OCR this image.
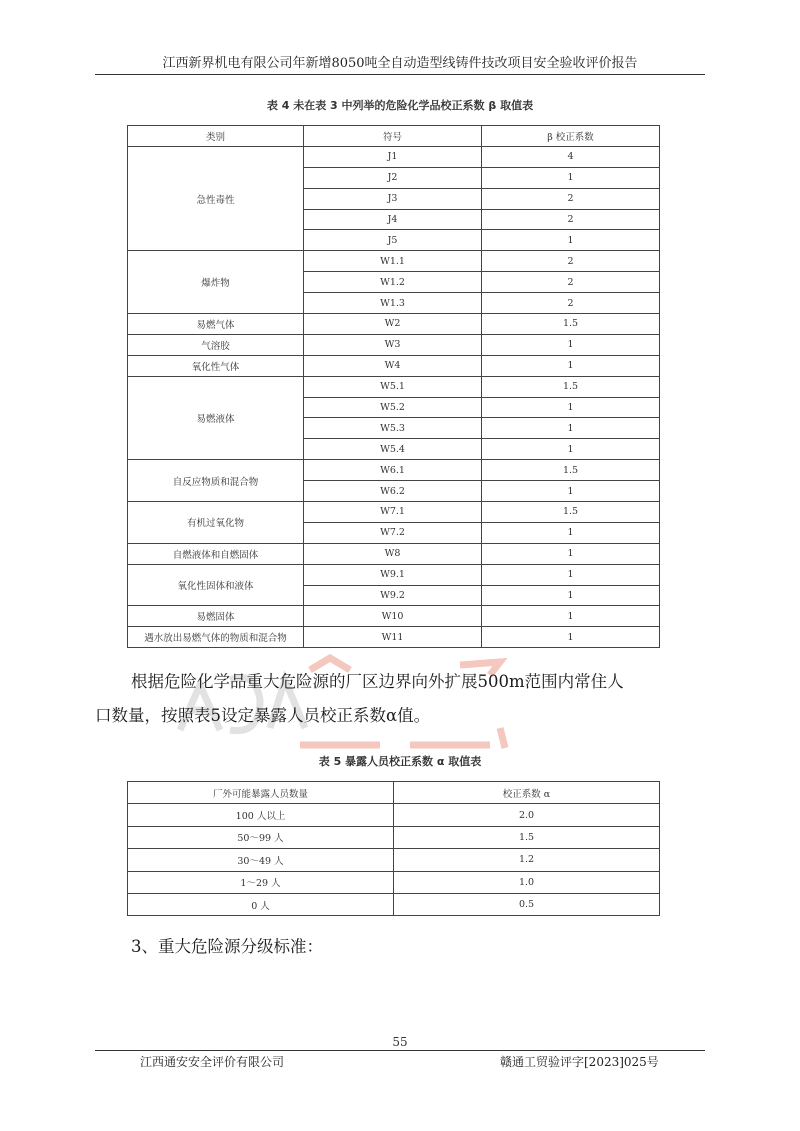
江西新界机电有限公司年新增8050吨全自动造型线铸件技改项目安全验收评价报告
表 4 未在表 3 中列举的危险化学品校正系数 β 取值表
类别	符号	β 校正系数
急性毒性	J1	4
	J2	1
	J3	2
	J4	2
	J5	1
爆炸物	W1.1	2
	W1.2	2
	W1.3	2
易燃气体	W2	1.5
气溶胶	W3	1
氧化性气体	W4	1
易燃液体	W5.1	1.5
	W5.2	1
	W5.3	1
	W5.4	1
自反应物质和混合物	W6.1	1.5
	W6.2	1
有机过氧化物	W7.1	1.5
	W7.2	1
自燃液体和自燃固体	W8	1
氧化性固体和液体	W9.1	1
	W9.2	1
易燃固体	W10	1
遇水放出易燃气体的物质和混合物	W11	1
根据危险化学品重大危险源的厂区边界向外扩展500m范围内常住人
口数量，按照表5设定暴露人员校正系数α值。
表 5 暴露人员校正系数 α 取值表
厂外可能暴露人员数量	校正系数 α
100 人以上	2.0
50～99 人	1.5
30～49 人	1.2
1～29 人	1.0
0 人	0.5
3、重大危险源分级标准：
55
江西通安安全评价有限公司	赣通工贸验评字[2023]025号
